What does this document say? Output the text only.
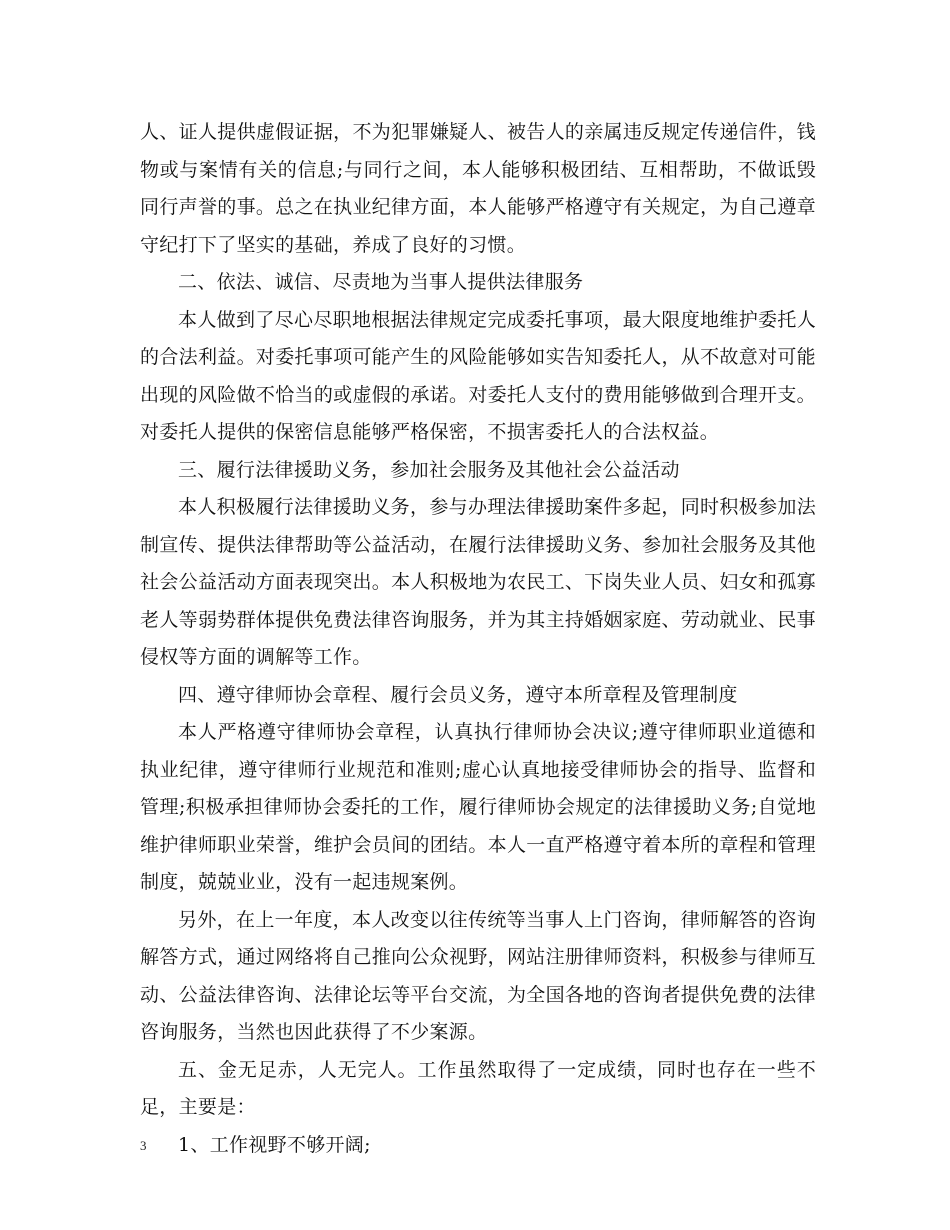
人、证人提供虚假证据，不为犯罪嫌疑人、被告人的亲属违反规定传递信件，钱物或与案情有关的信息;与同行之间，本人能够积极团结、互相帮助，不做诋毁同行声誉的事。总之在执业纪律方面，本人能够严格遵守有关规定，为自己遵章守纪打下了坚实的基础，养成了良好的习惯。

二、依法、诚信、尽责地为当事人提供法律服务

本人做到了尽心尽职地根据法律规定完成委托事项，最大限度地维护委托人的合法利益。对委托事项可能产生的风险能够如实告知委托人，从不故意对可能出现的风险做不恰当的或虚假的承诺。对委托人支付的费用能够做到合理开支。对委托人提供的保密信息能够严格保密，不损害委托人的合法权益。

三、履行法律援助义务，参加社会服务及其他社会公益活动

本人积极履行法律援助义务，参与办理法律援助案件多起，同时积极参加法制宣传、提供法律帮助等公益活动，在履行法律援助义务、参加社会服务及其他社会公益活动方面表现突出。本人积极地为农民工、下岗失业人员、妇女和孤寡老人等弱势群体提供免费法律咨询服务，并为其主持婚姻家庭、劳动就业、民事侵权等方面的调解等工作。

四、遵守律师协会章程、履行会员义务，遵守本所章程及管理制度

本人严格遵守律师协会章程，认真执行律师协会决议;遵守律师职业道德和执业纪律，遵守律师行业规范和准则;虚心认真地接受律师协会的指导、监督和管理;积极承担律师协会委托的工作，履行律师协会规定的法律援助义务;自觉地维护律师职业荣誉，维护会员间的团结。本人一直严格遵守着本所的章程和管理制度，兢兢业业，没有一起违规案例。

另外，在上一年度，本人改变以往传统等当事人上门咨询，律师解答的咨询解答方式，通过网络将自己推向公众视野，网站注册律师资料，积极参与律师互动、公益法律咨询、法律论坛等平台交流，为全国各地的咨询者提供免费的法律咨询服务，当然也因此获得了不少案源。

五、金无足赤，人无完人。工作虽然取得了一定成绩，同时也存在一些不足，主要是：

1、工作视野不够开阔;

3
